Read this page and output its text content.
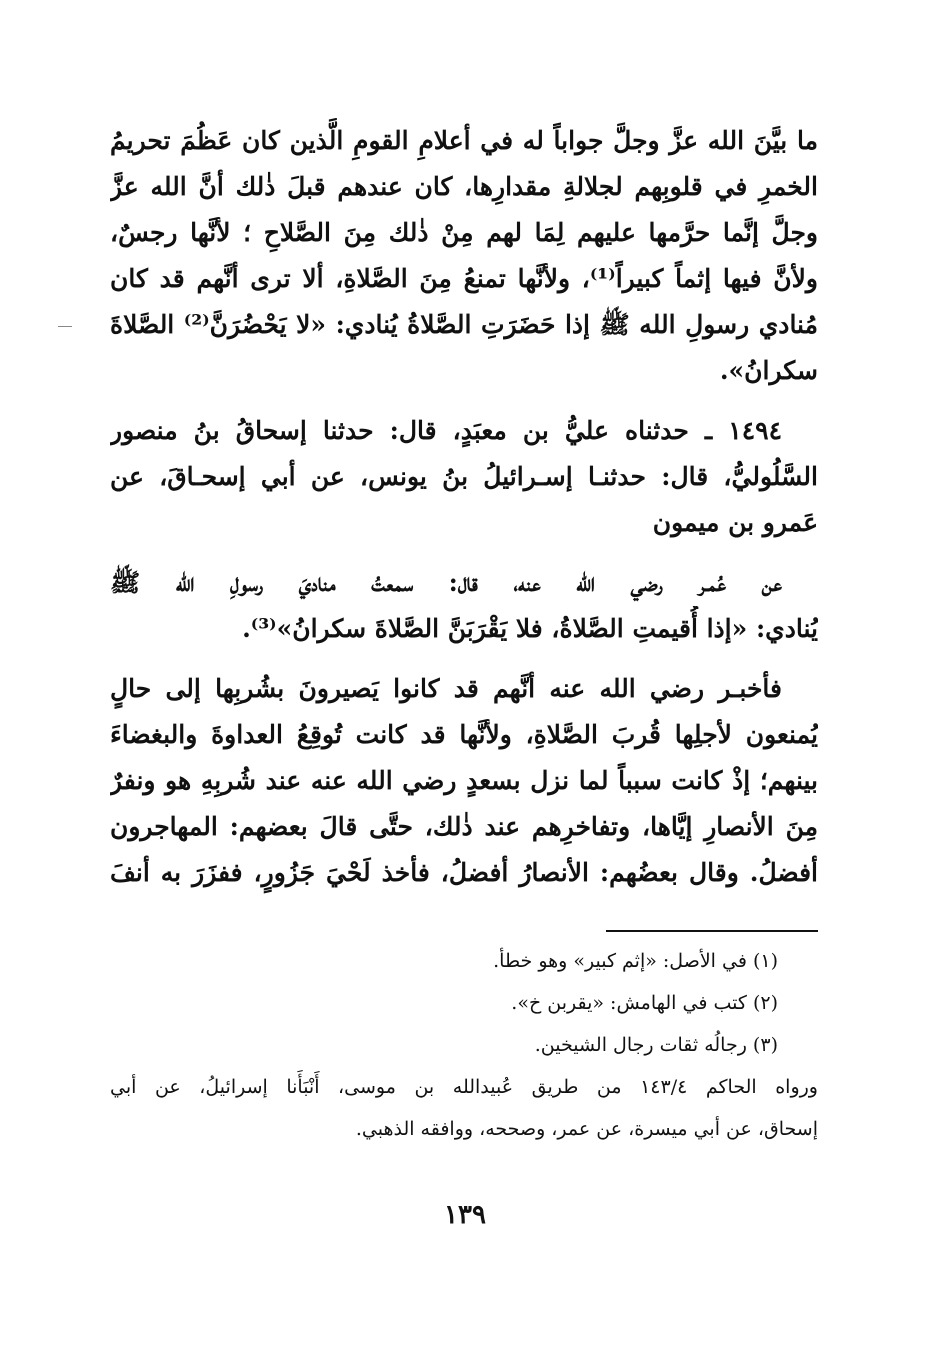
ما بيَّنَ الله عزَّ وجلَّ جواباً له في أعلامِ القومِ الَّذين كان عَظُمَ تحريمُ
الخمرِ في قلوبِهم لجلالةِ مقدارِها، كان عندهم قبلَ ذٰلك أنَّ الله عزَّ
وجلَّ إنَّما حرَّمها عليهم لِمَا لهم مِنْ ذٰلك مِنَ الصَّلاحِ ؛ لأنَّها رجسٌ،
ولأنَّ فيها إثماً كبيراً⁽¹⁾، ولأنَّها تمنعُ مِنَ الصَّلاةِ، ألا ترى أنَّهم قد كان
مُنادي رسولِ الله ﷺ إذا حَضَرَتِ الصَّلاةُ يُنادي: «لا يَحْضُرَنَّ⁽²⁾ الصَّلاةَ
سكرانُ».
١٤٩٤ ـ حدثناه عليُّ بن معبَدٍ، قال: حدثنا إسحاقُ بنُ منصور
السَّلُوليُّ، قال: حدثنـا إسـرائيلُ بنُ يونس، عن أبي إسحـاقَ، عن
عَمرو بن ميمون
عن عُمـر رضي الله عنه، قال: سمعتُ مناديَ رسولِ الله ﷺ
يُنادي: «إذا أُقيمتِ الصَّلاةُ، فلا يَقْرَبَنَّ الصَّلاةَ سكرانُ»⁽³⁾.
فأخبـر رضي الله عنه أنَّهم قد كانوا يَصيرونَ بشُربِها إلى حالٍ
يُمنعون لأجلِها قُربَ الصَّلاةِ، ولأنَّها قد كانت تُوقِعُ العداوةَ والبغضاءَ
بينهم؛ إذْ كانت سبباً لما نزل بسعدٍ رضي الله عنه عند شُربِهِ هو ونفرٌ
مِنَ الأنصارِ إيَّاها، وتفاخرِهم عند ذٰلك، حتَّى قالَ بعضهم: المهاجرون
أفضلُ. وقال بعضُهم: الأنصارُ أفضلُ، فأخذ لَحْيَ جَزُورٍ، ففزَرَ به أنفَ
(١) في الأصل: «إثم كبير» وهو خطأ.
(٢) كتب في الهامش: «يقربن خ».
(٣) رجالُه ثقات رجال الشيخين.
ورواه الحاكم ١٤٣/٤ من طريق عُبيدالله بن موسى، أَنْبَأَنا إسرائيلُ، عن أبي
إسحاق، عن أبي ميسرة، عن عمر، وصححه، ووافقه الذهبي.
١٣٩
